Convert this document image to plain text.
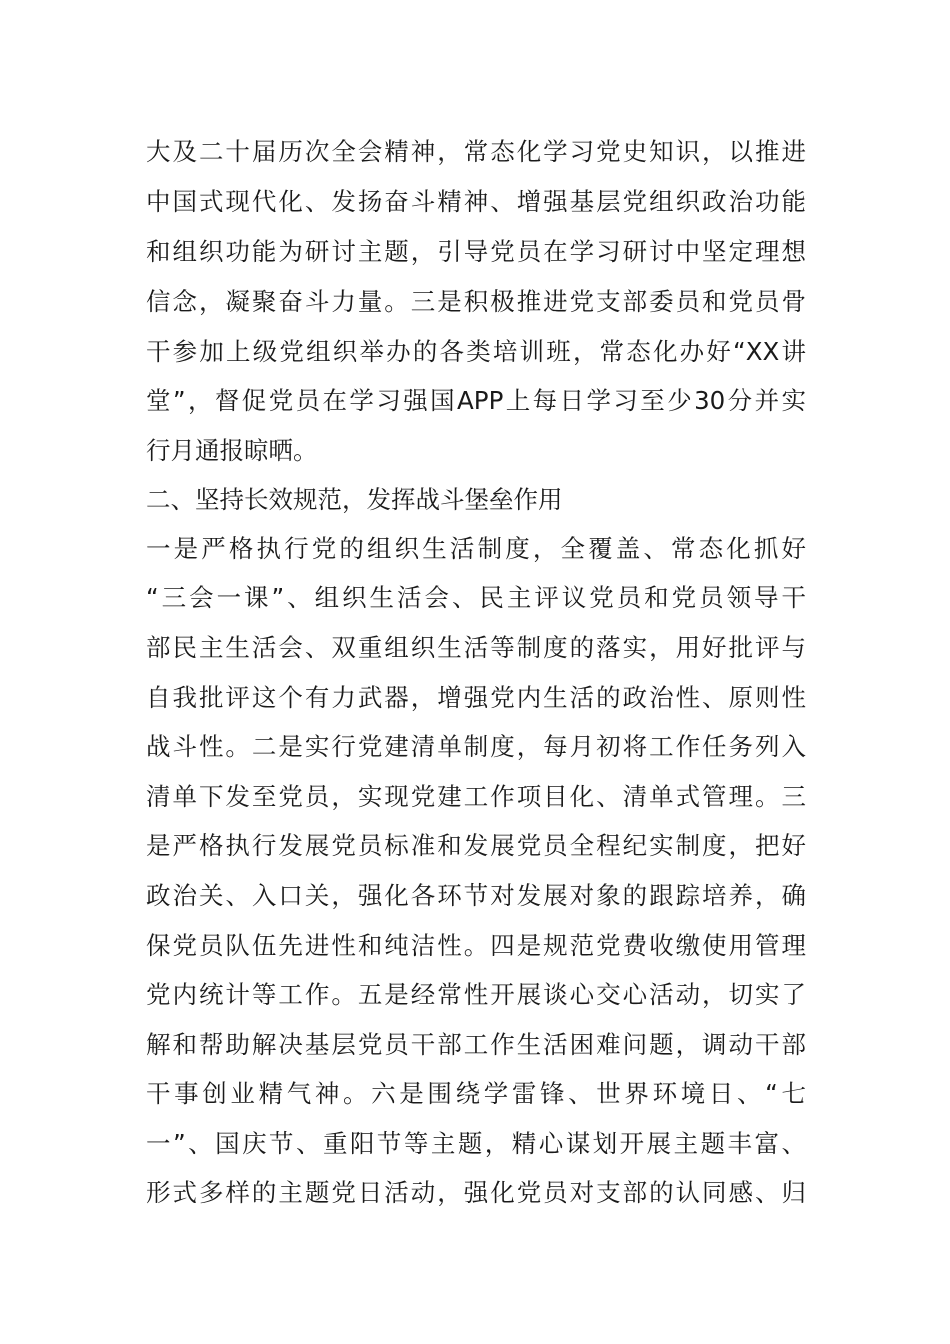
大及二十届历次全会精神，常态化学习党史知识，以推进
中国式现代化、发扬奋斗精神、增强基层党组织政治功能
和组织功能为研讨主题，引导党员在学习研讨中坚定理想
信念，凝聚奋斗力量。三是积极推进党支部委员和党员骨
干参加上级党组织举办的各类培训班，常态化办好“XX讲
堂”，督促党员在学习强国APP上每日学习至少30分并实
行月通报晾晒。
二、坚持长效规范，发挥战斗堡垒作用
一是严格执行党的组织生活制度，全覆盖、常态化抓好
“三会一课”、组织生活会、民主评议党员和党员领导干
部民主生活会、双重组织生活等制度的落实，用好批评与
自我批评这个有力武器，增强党内生活的政治性、原则性
战斗性。二是实行党建清单制度，每月初将工作任务列入
清单下发至党员，实现党建工作项目化、清单式管理。三
是严格执行发展党员标准和发展党员全程纪实制度，把好
政治关、入口关，强化各环节对发展对象的跟踪培养，确
保党员队伍先进性和纯洁性。四是规范党费收缴使用管理
党内统计等工作。五是经常性开展谈心交心活动，切实了
解和帮助解决基层党员干部工作生活困难问题，调动干部
干事创业精气神。六是围绕学雷锋、世界环境日、“七
一”、国庆节、重阳节等主题，精心谋划开展主题丰富、
形式多样的主题党日活动，强化党员对支部的认同感、归
